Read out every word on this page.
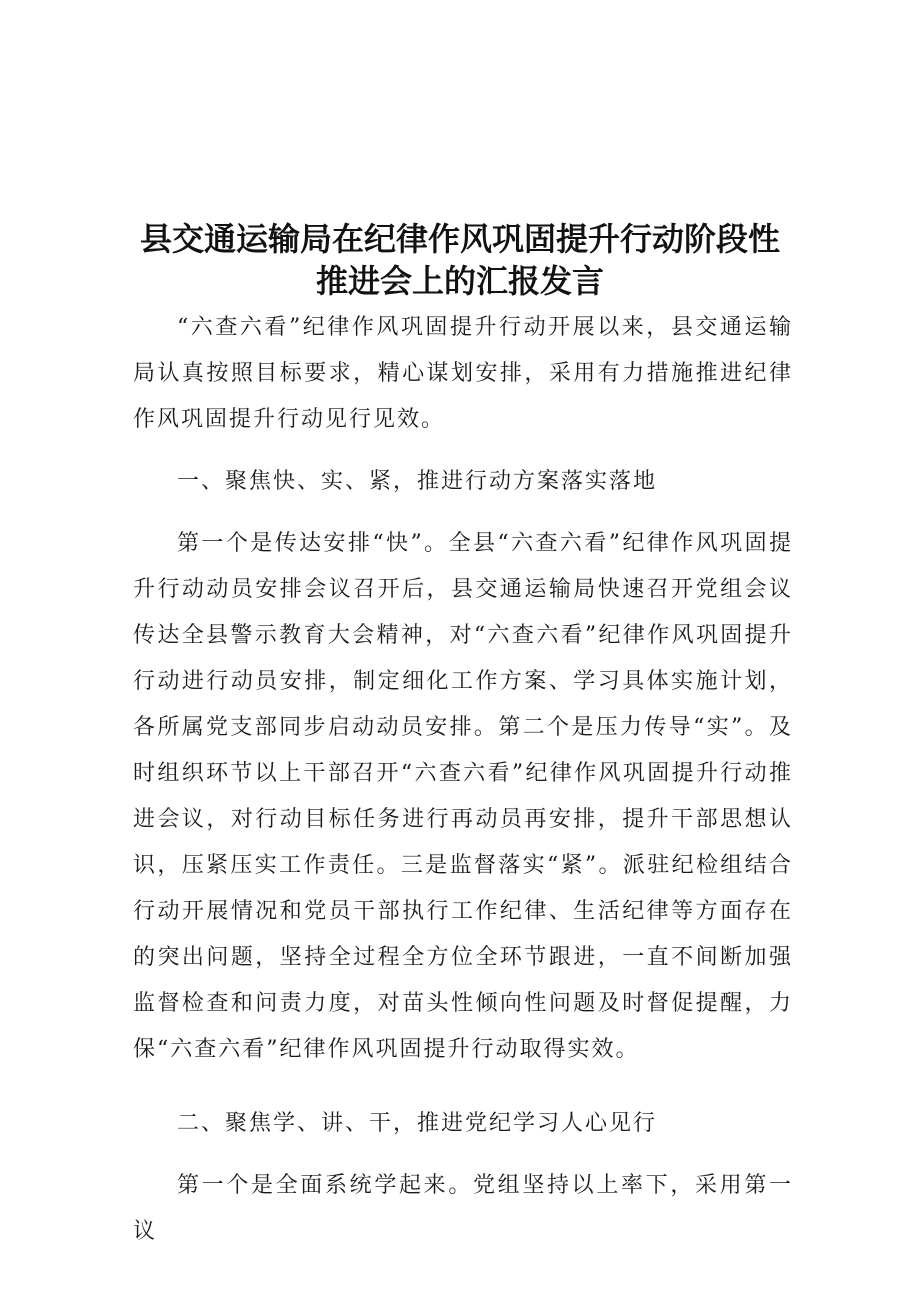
县交通运输局在纪律作风巩固提升行动阶段性
推进会上的汇报发言

“六查六看”纪律作风巩固提升行动开展以来，县交通运输局认真按照目标要求，精心谋划安排，采用有力措施推进纪律作风巩固提升行动见行见效。

一、聚焦快、实、紧，推进行动方案落实落地

第一个是传达安排“快”。全县“六查六看”纪律作风巩固提升行动动员安排会议召开后，县交通运输局快速召开党组会议传达全县警示教育大会精神，对“六查六看”纪律作风巩固提升行动进行动员安排，制定细化工作方案、学习具体实施计划，各所属党支部同步启动动员安排。第二个是压力传导“实”。及时组织环节以上干部召开“六查六看”纪律作风巩固提升行动推进会议，对行动目标任务进行再动员再安排，提升干部思想认识，压紧压实工作责任。三是监督落实“紧”。派驻纪检组结合行动开展情况和党员干部执行工作纪律、生活纪律等方面存在的突出问题，坚持全过程全方位全环节跟进，一直不间断加强监督检查和问责力度，对苗头性倾向性问题及时督促提醒，力保“六查六看”纪律作风巩固提升行动取得实效。

二、聚焦学、讲、干，推进党纪学习人心见行

第一个是全面系统学起来。党组坚持以上率下，采用第一议
